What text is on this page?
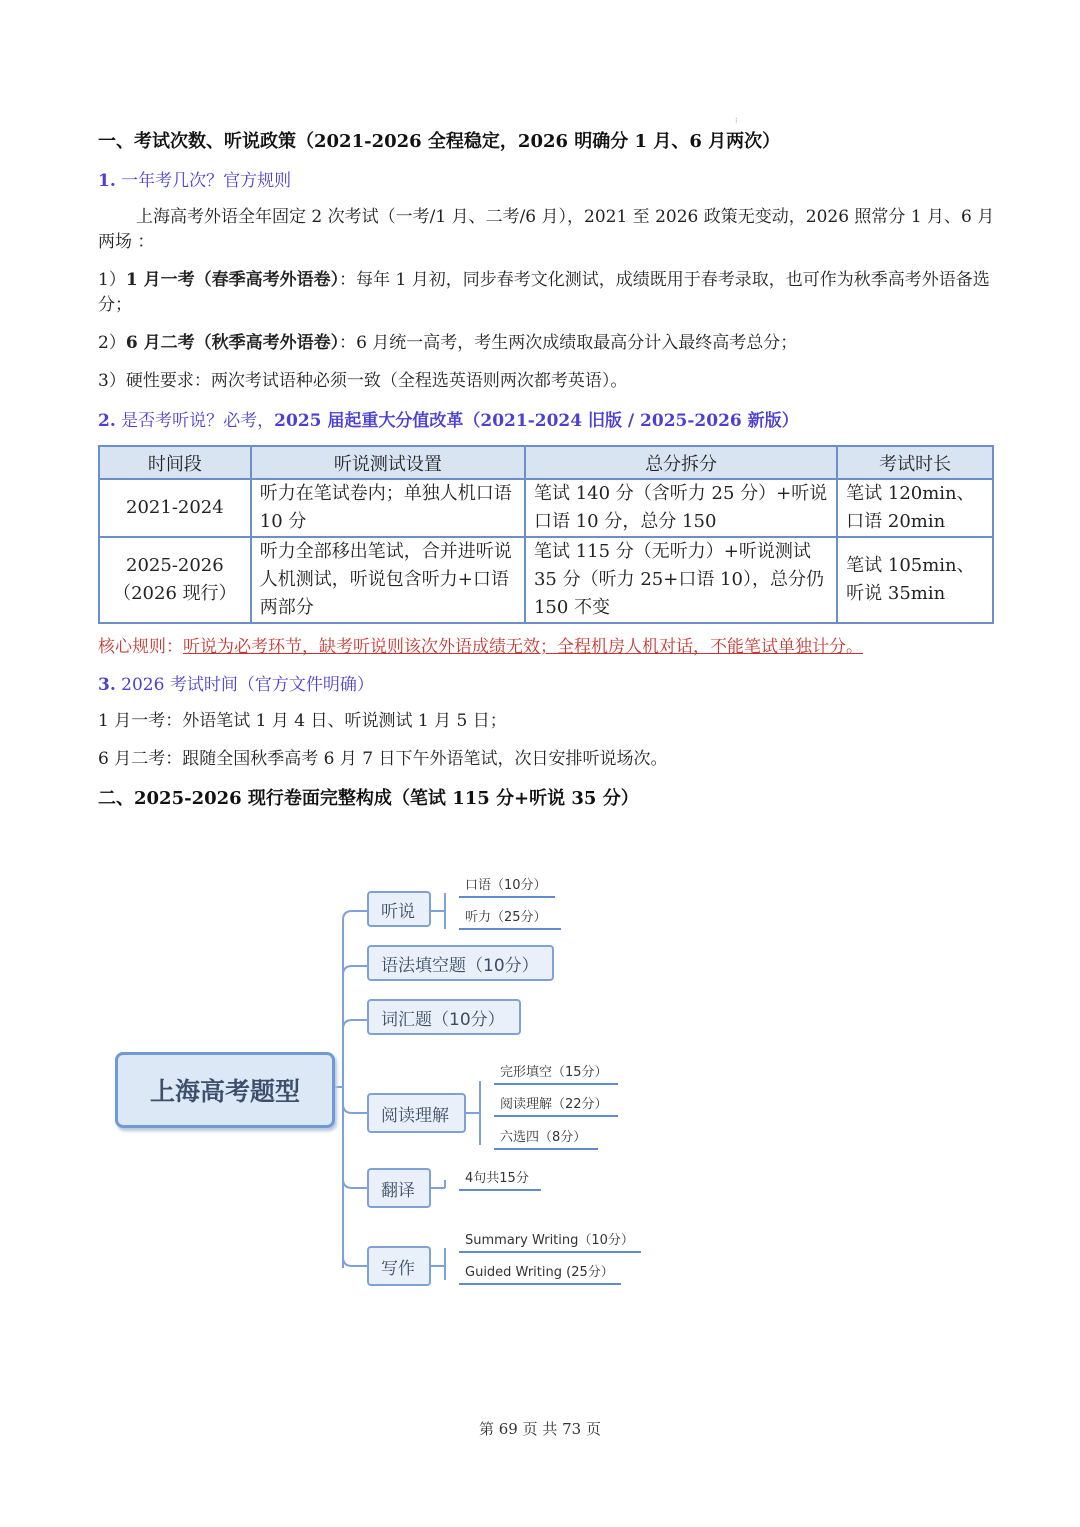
⁝
一、考试次数、听说政策（2021-2026 全程稳定，2026 明确分 1 月、6 月两次）
1. 一年考几次？官方规则
上海高考外语全年固定 2 次考试（一考/1 月、二考/6 月），2021 至 2026 政策无变动，2026 照常分 1 月、6 月两场 ：
1）1 月一考（春季高考外语卷）：每年 1 月初，同步春考文化测试，成绩既用于春考录取，也可作为秋季高考外语备选分；
2）6 月二考（秋季高考外语卷）：6 月统一高考，考生两次成绩取最高分计入最终高考总分；
3）硬性要求：两次考试语种必须一致（全程选英语则两次都考英语）。
2. 是否考听说？必考，2025 届起重大分值改革（2021-2024 旧版 / 2025-2026 新版）
时间段	听说测试设置	总分拆分	考试时长
2021-2024	听力在笔试卷内；单独人机口语 10 分	笔试 140 分（含听力 25 分）+听说口语 10 分，总分 150	笔试 120min、口语 20min
2025-2026
（2026 现行）	听力全部移出笔试，合并进听说人机测试，听说包含听力+口语两部分	笔试 115 分（无听力）+听说测试 35 分（听力 25+口语 10），总分仍 150 不变	笔试 105min、听说 35min
核心规则：听说为必考环节，缺考听说则该次外语成绩无效；全程机房人机对话，不能笔试单独计分。
3. 2026 考试时间（官方文件明确）
1 月一考：外语笔试 1 月 4 日、听说测试 1 月 5 日；
6 月二考：跟随全国秋季高考 6 月 7 日下午外语笔试，次日安排听说场次。
二、2025-2026 现行卷面完整构成（笔试 115 分+听说 35 分）
上海高考题型
听说
语法填空题（10分）
词汇题（10分）
阅读理解
翻译
写作
口语（10分）
听力（25分）
完形填空（15分）
阅读理解（22分）
六选四（8分）
4句共15分
Summary Writing（10分）
Guided Writing (25分）
第 69 页 共 73 页
